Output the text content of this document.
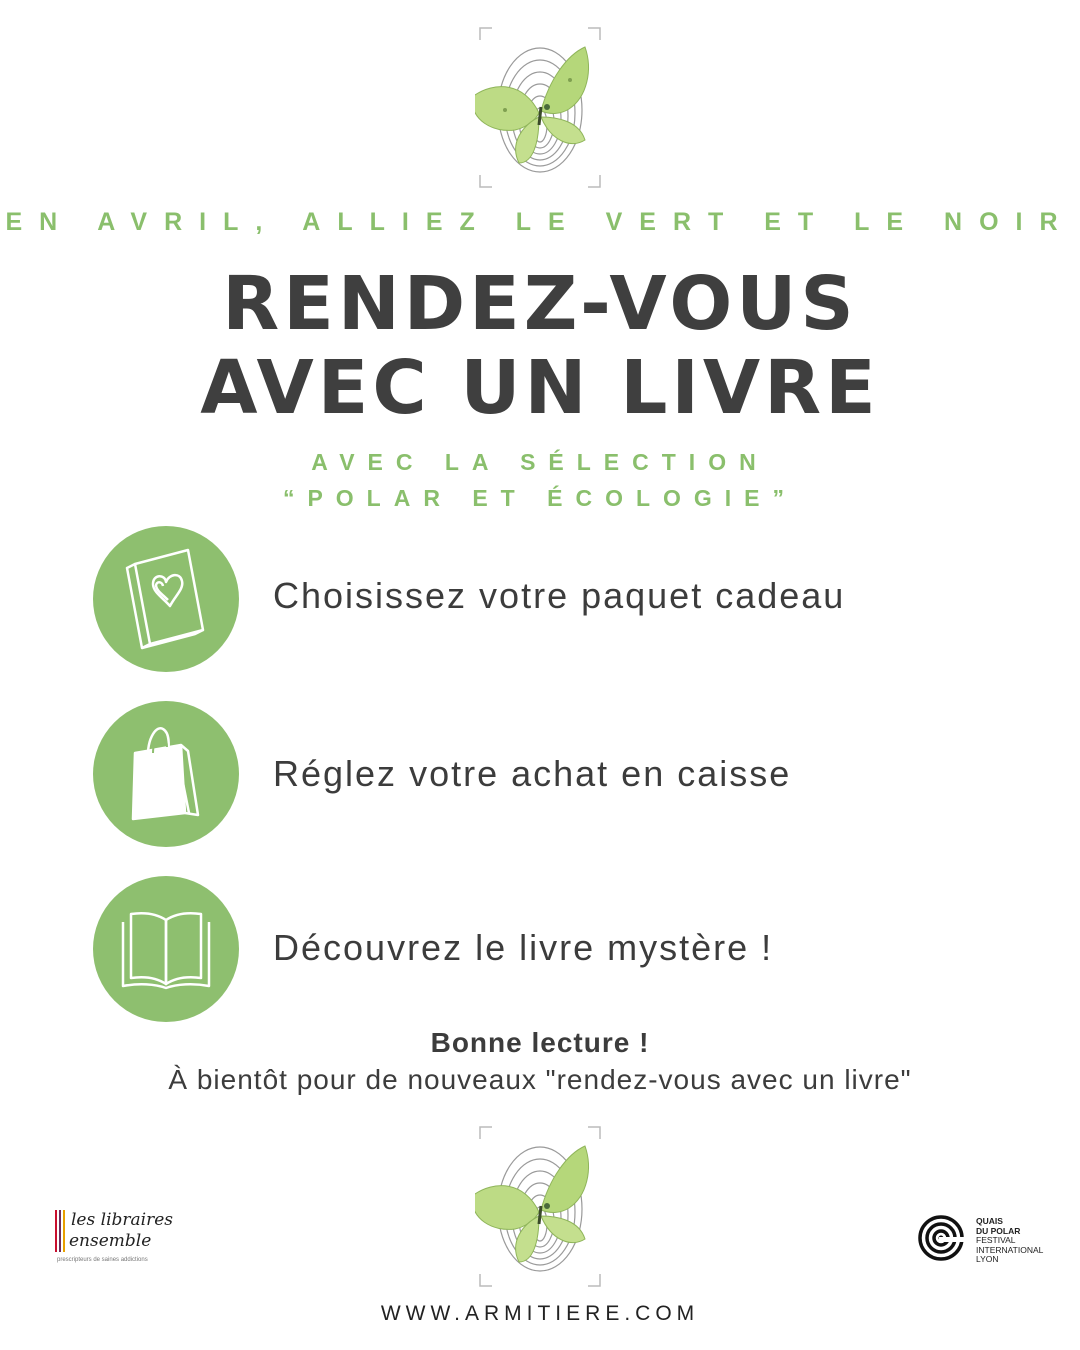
EN AVRIL, ALLIEZ LE VERT ET LE NOIR
RENDEZ-VOUS
AVEC UN LIVRE
AVEC LA SÉLECTION
“POLAR ET ÉCOLOGIE”
Choisissez votre paquet cadeau
Réglez votre achat en caisse
Découvrez le livre mystère !
Bonne lecture !
À bientôt pour de nouveaux "rendez-vous avec un livre"
les libraires
ensemble
prescripteurs de saines addictions
QUAIS
DU POLAR
FESTIVAL
INTERNATIONAL
LYON
WWW.ARMITIERE.COM
